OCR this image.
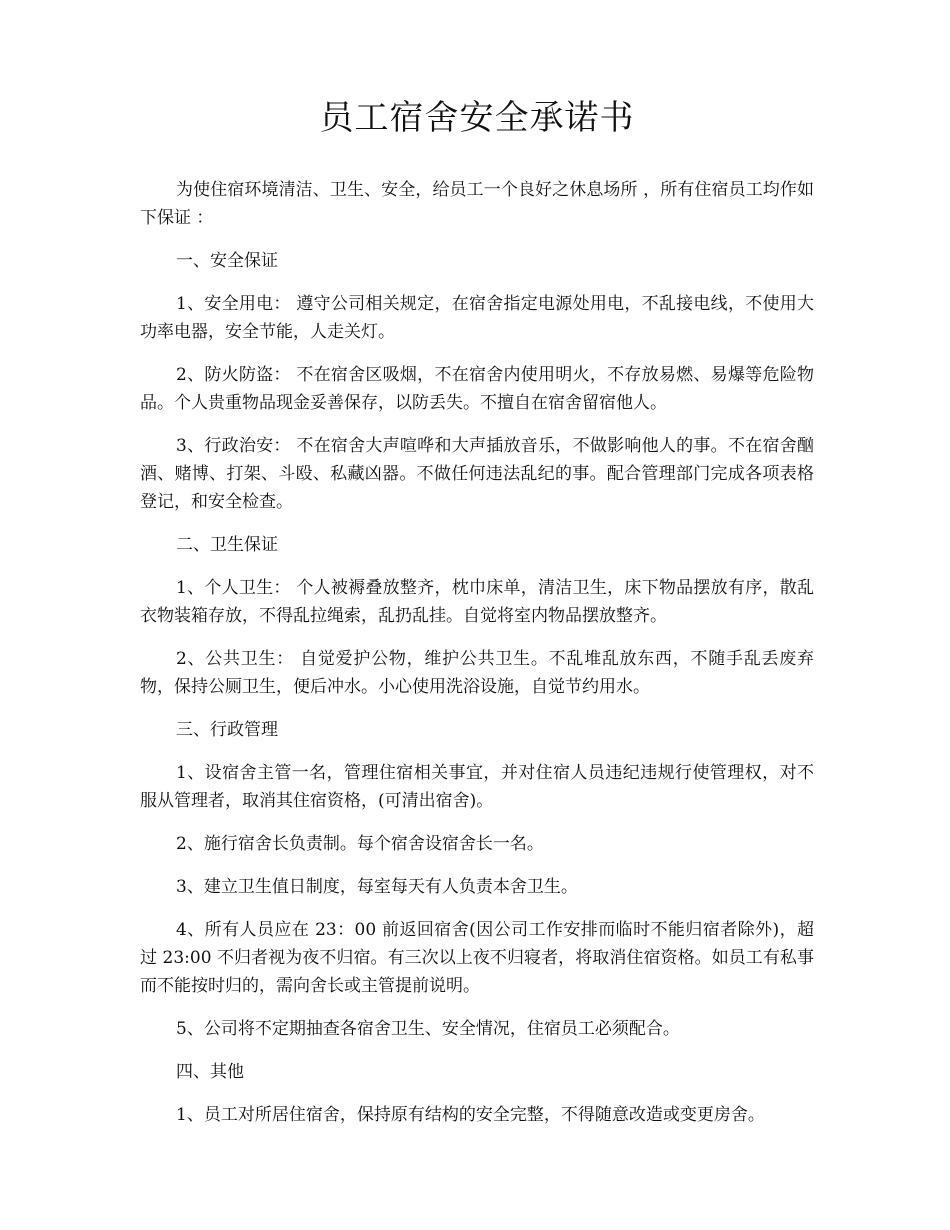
员工宿舍安全承诺书

为使住宿环境清洁、卫生、安全，给员工一个良好之休息场所 ，所有住宿员工均作如下保证 ：

一、安全保证

1、安全用电： 遵守公司相关规定，在宿舍指定电源处用电，不乱接电线，不使用大功率电器，安全节能，人走关灯。

2、防火防盗： 不在宿舍区吸烟，不在宿舍内使用明火，不存放易燃、易爆等危险物品。个人贵重物品现金妥善保存，以防丢失。不擅自在宿舍留宿他人。

3、行政治安： 不在宿舍大声喧哗和大声插放音乐，不做影响他人的事。不在宿舍酗酒、赌博、打架、斗殴、私藏凶器。不做任何违法乱纪的事。配合管理部门完成各项表格登记，和安全检查。

二、卫生保证

1、个人卫生： 个人被褥叠放整齐，枕巾床单，清洁卫生，床下物品摆放有序，散乱衣物装箱存放，不得乱拉绳索，乱扔乱挂。自觉将室内物品摆放整齐。

2、公共卫生： 自觉爱护公物，维护公共卫生。不乱堆乱放东西，不随手乱丢废弃物，保持公厕卫生，便后冲水。小心使用洗浴设施，自觉节约用水。

三、行政管理

1、设宿舍主管一名，管理住宿相关事宜，并对住宿人员违纪违规行使管理权，对不服从管理者，取消其住宿资格，(可清出宿舍)。

2、施行宿舍长负责制。每个宿舍设宿舍长一名。

3、建立卫生值日制度，每室每天有人负责本舍卫生。

4、所有人员应在 23：00 前返回宿舍(因公司工作安排而临时不能归宿者除外)，超过 23:00 不归者视为夜不归宿。有三次以上夜不归寝者，将取消住宿资格。如员工有私事而不能按时归的，需向舍长或主管提前说明。

5、公司将不定期抽查各宿舍卫生、安全情况，住宿员工必须配合。

四、其他

1、员工对所居住宿舍，保持原有结构的安全完整，不得随意改造或变更房舍。
